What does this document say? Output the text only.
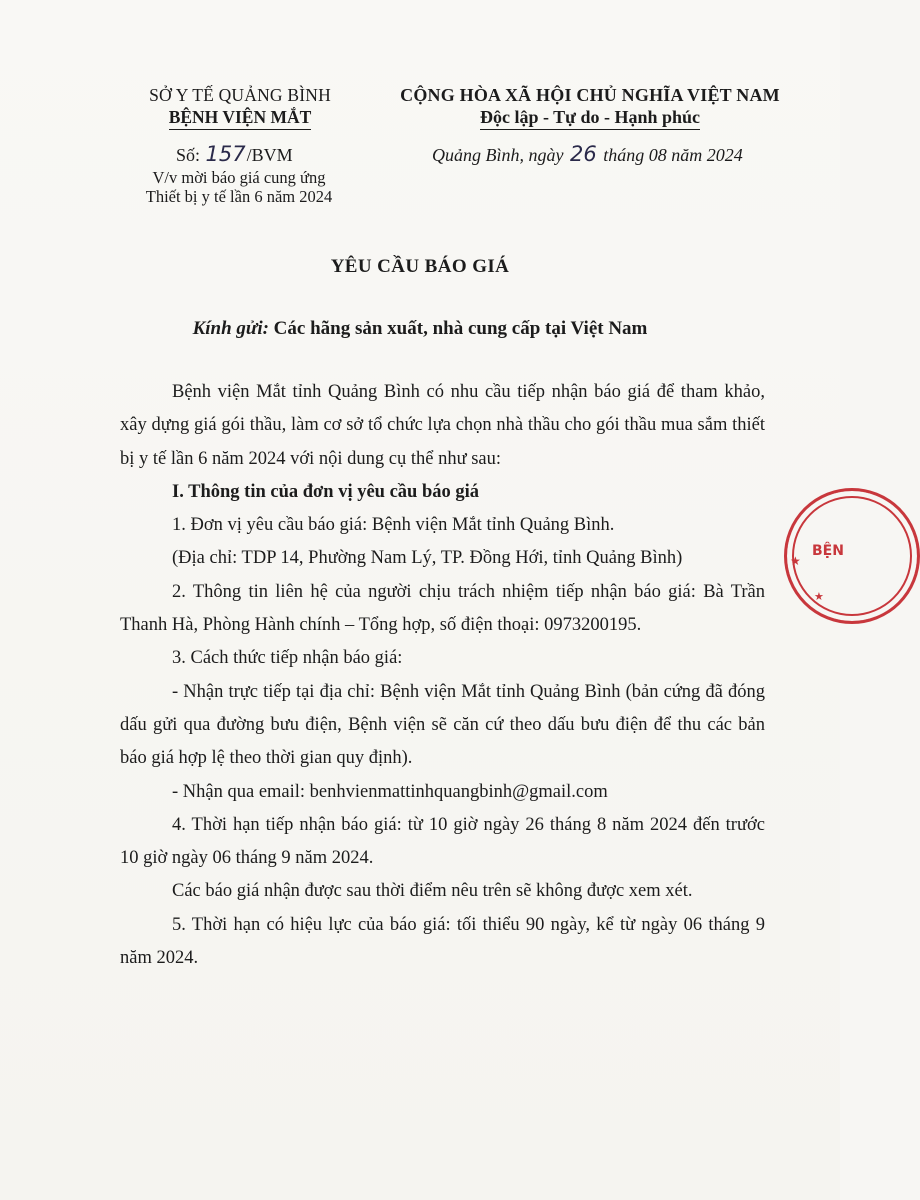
SỞ Y TẾ QUẢNG BÌNH
BỆNH VIỆN MẮT
Số: 157/BVM
V/v mời báo giá cung ứng
Thiết bị y tế lần 6 năm 2024
CỘNG HÒA XÃ HỘI CHỦ NGHĨA VIỆT NAM
Độc lập - Tự do - Hạnh phúc
Quảng Bình, ngày 26 tháng 08 năm 2024
YÊU CẦU BÁO GIÁ
Kính gửi: Các hãng sản xuất, nhà cung cấp tại Việt Nam

Bệnh viện Mắt tỉnh Quảng Bình có nhu cầu tiếp nhận báo giá để tham khảo, xây dựng giá gói thầu, làm cơ sở tổ chức lựa chọn nhà thầu cho gói thầu mua sắm thiết bị y tế lần 6 năm 2024 với nội dung cụ thể như sau:

I. Thông tin của đơn vị yêu cầu báo giá

1. Đơn vị yêu cầu báo giá: Bệnh viện Mắt tỉnh Quảng Bình.

(Địa chỉ: TDP 14, Phường Nam Lý, TP. Đồng Hới, tỉnh Quảng Bình)

2. Thông tin liên hệ của người chịu trách nhiệm tiếp nhận báo giá: Bà Trần Thanh Hà, Phòng Hành chính – Tổng hợp, số điện thoại: 0973200195.

3. Cách thức tiếp nhận báo giá:

- Nhận trực tiếp tại địa chỉ: Bệnh viện Mắt tỉnh Quảng Bình (bản cứng đã đóng dấu gửi qua đường bưu điện, Bệnh viện sẽ căn cứ theo dấu bưu điện để thu các bản báo giá hợp lệ theo thời gian quy định).

- Nhận qua email: benhvienmattinhquangbinh@gmail.com

4. Thời hạn tiếp nhận báo giá: từ 10 giờ ngày 26 tháng 8 năm 2024 đến trước 10 giờ ngày 06 tháng 9 năm 2024.

Các báo giá nhận được sau thời điểm nêu trên sẽ không được xem xét.

5. Thời hạn có hiệu lực của báo giá: tối thiểu 90 ngày, kể từ ngày 06 tháng 9 năm 2024.

BỆN
★
★
